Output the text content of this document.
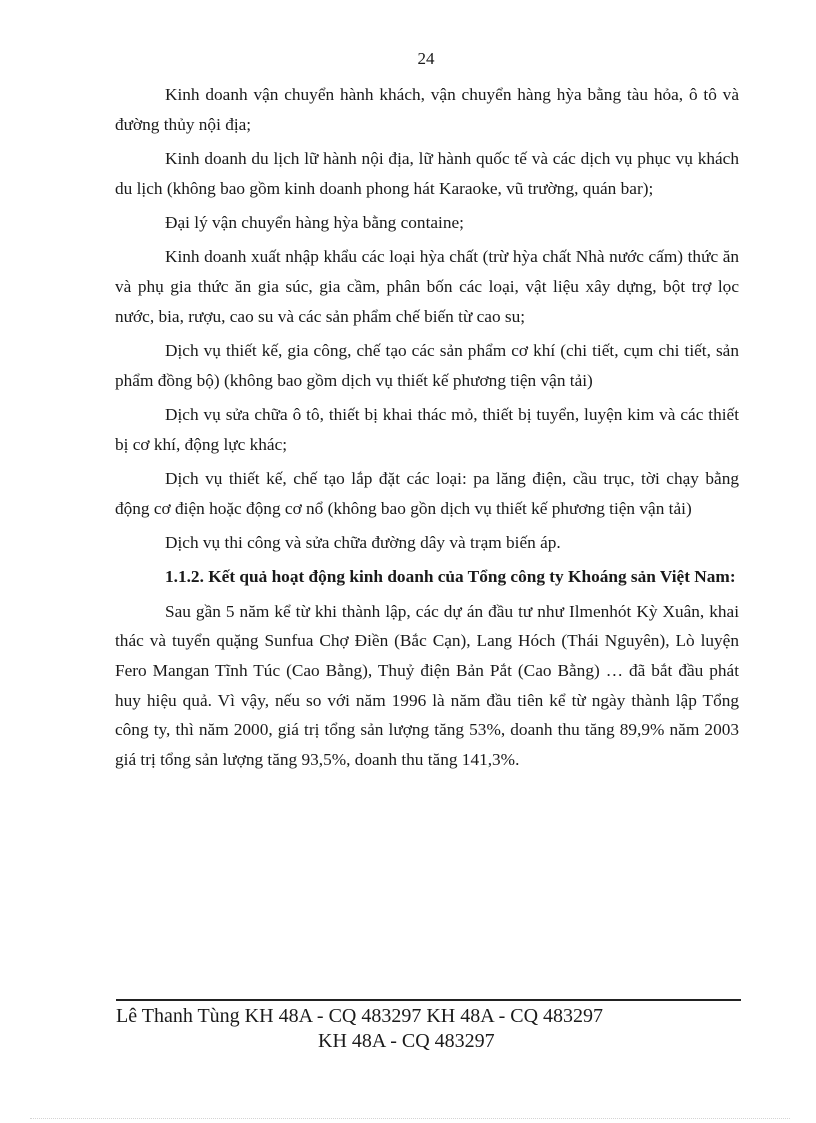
24

Kinh doanh vận chuyển hành khách, vận chuyển hàng hỳa bằng tàu hỏa, ô tô và đường thủy nội địa;

Kinh doanh du lịch lữ hành nội địa, lữ hành quốc tế và các dịch vụ phục vụ khách du lịch (không bao gồm kinh doanh phong hát Karaoke, vũ trường, quán bar);

Đại lý vận chuyển hàng hỳa bằng containe;

Kinh doanh xuất nhập khẩu các loại hỳa chất (trừ hỳa chất Nhà nước cấm) thức ăn và phụ gia thức ăn gia súc, gia cầm, phân bốn các loại, vật liệu xây dựng, bột trợ lọc nước, bia, rượu, cao su và các sản phẩm chế biến từ cao su;

Dịch vụ thiết kế, gia công, chế tạo các sản phẩm cơ khí (chi tiết, cụm chi tiết, sản phẩm đồng bộ) (không bao gồm dịch vụ thiết kế phương tiện vận tải)

Dịch vụ sửa chữa ô tô, thiết bị khai thác mỏ, thiết bị tuyển, luyện kim và các thiết bị cơ khí, động lực khác;

Dịch vụ thiết kế, chế tạo lắp đặt các loại: pa lăng điện, cầu trục, tời chạy bằng động cơ điện hoặc động cơ nổ (không bao gồn dịch vụ thiết kế phương tiện vận tải)

Dịch vụ thi công và sửa chữa đường dây và trạm biến áp.

1.1.2. Kết quả hoạt động kinh doanh của Tổng công ty Khoáng sản Việt Nam:

Sau gần 5 năm kể từ khi thành lập, các dự án đầu tư như Ilmenhót Kỳ Xuân, khai thác và tuyển quặng Sunfua Chợ Điền (Bắc Cạn), Lang Hóch (Thái Nguyên), Lò luyện Fero Mangan Tĩnh Túc (Cao Bằng), Thuỷ điện Bản Pắt (Cao Bằng) … đã bắt đầu phát huy hiệu quả. Vì vậy, nếu so với năm 1996 là năm đầu tiên kể từ ngày thành lập Tổng công ty, thì năm 2000, giá trị tổng sản lượng tăng 53%, doanh thu tăng 89,9% năm 2003 giá trị tổng sản lượng tăng 93,5%, doanh thu tăng 141,3%.

Lê Thanh Tùng KH 48A - CQ 483297 KH 48A - CQ 483297
KH 48A - CQ 483297
